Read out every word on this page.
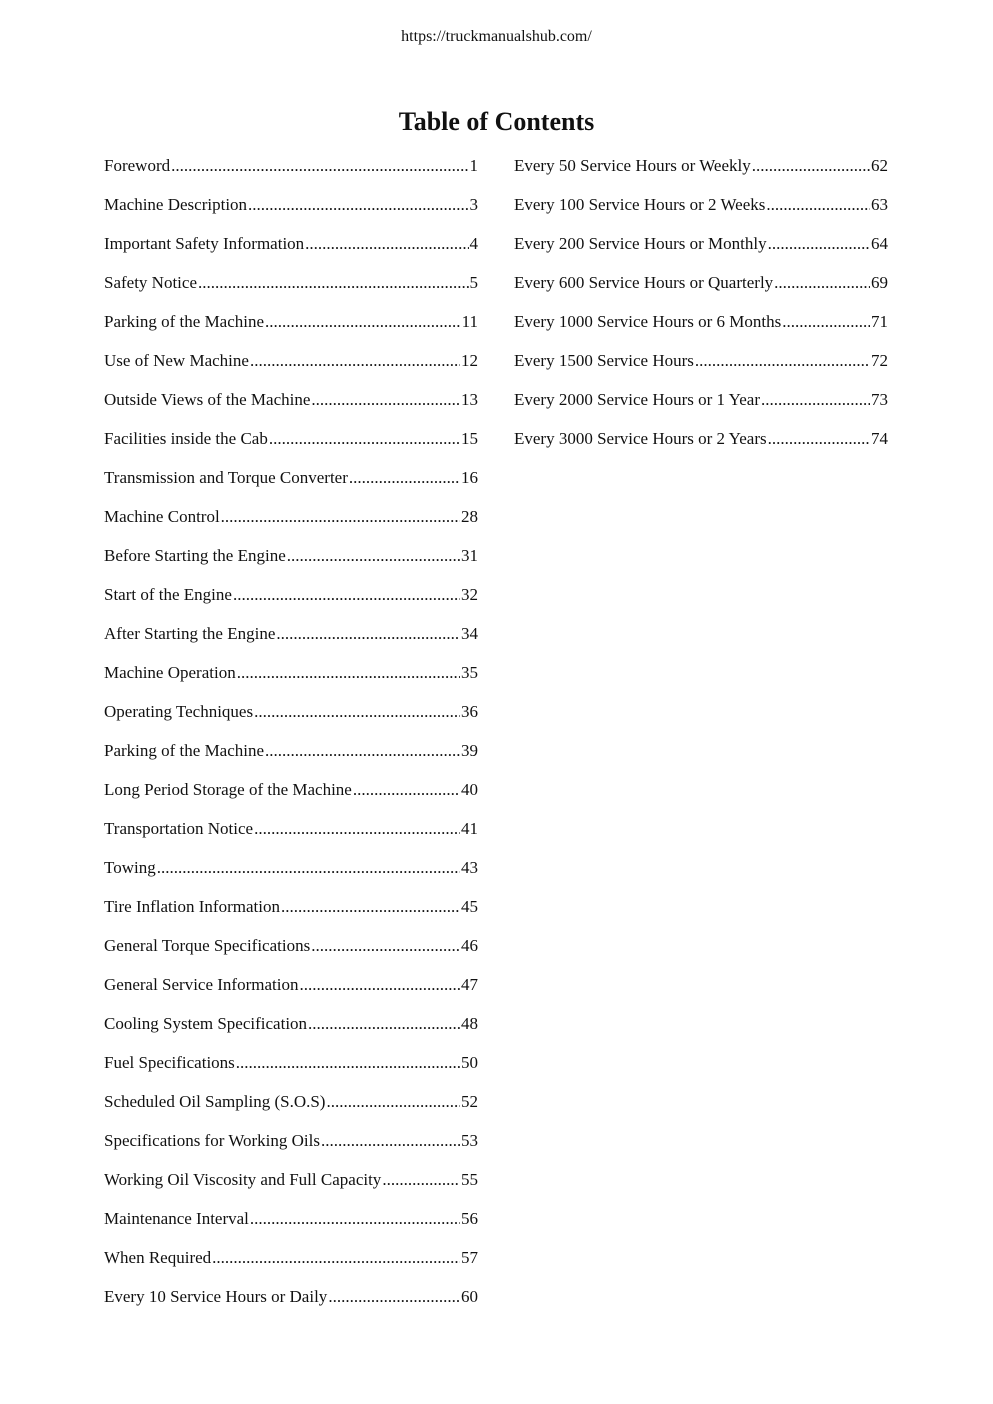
https://truckmanualshub.com/
Table of Contents
Foreword .....	1
Machine Description .....	3
Important Safety Information .....	4
Safety Notice .....	5
Parking of the Machine .....	11
Use of New Machine .....	12
Outside Views of the Machine .....	13
Facilities inside the Cab .....	15
Transmission and Torque Converter .....	16
Machine Control .....	28
Before Starting the Engine .....	31
Start of the Engine .....	32
After Starting the Engine .....	34
Machine Operation .....	35
Operating Techniques .....	36
Parking of the Machine .....	39
Long Period Storage of the Machine .....	40
Transportation Notice .....	41
Towing .....	43
Tire Inflation Information .....	45
General Torque Specifications .....	46
General Service Information .....	47
Cooling System Specification .....	48
Fuel Specifications .....	50
Scheduled Oil Sampling (S.O.S) .....	52
Specifications for Working Oils .....	53
Working Oil Viscosity and Full Capacity .....	55
Maintenance Interval .....	56
When Required .....	57
Every 10 Service Hours or Daily .....	60
Every 50 Service Hours or Weekly .....	62
Every 100 Service Hours or 2 Weeks .....	63
Every 200 Service Hours or Monthly .....	64
Every 600 Service Hours or Quarterly .....	69
Every 1000 Service Hours or 6 Months .....	71
Every 1500 Service Hours .....	72
Every 2000 Service Hours or 1 Year .....	73
Every 3000 Service Hours or 2 Years .....	74
